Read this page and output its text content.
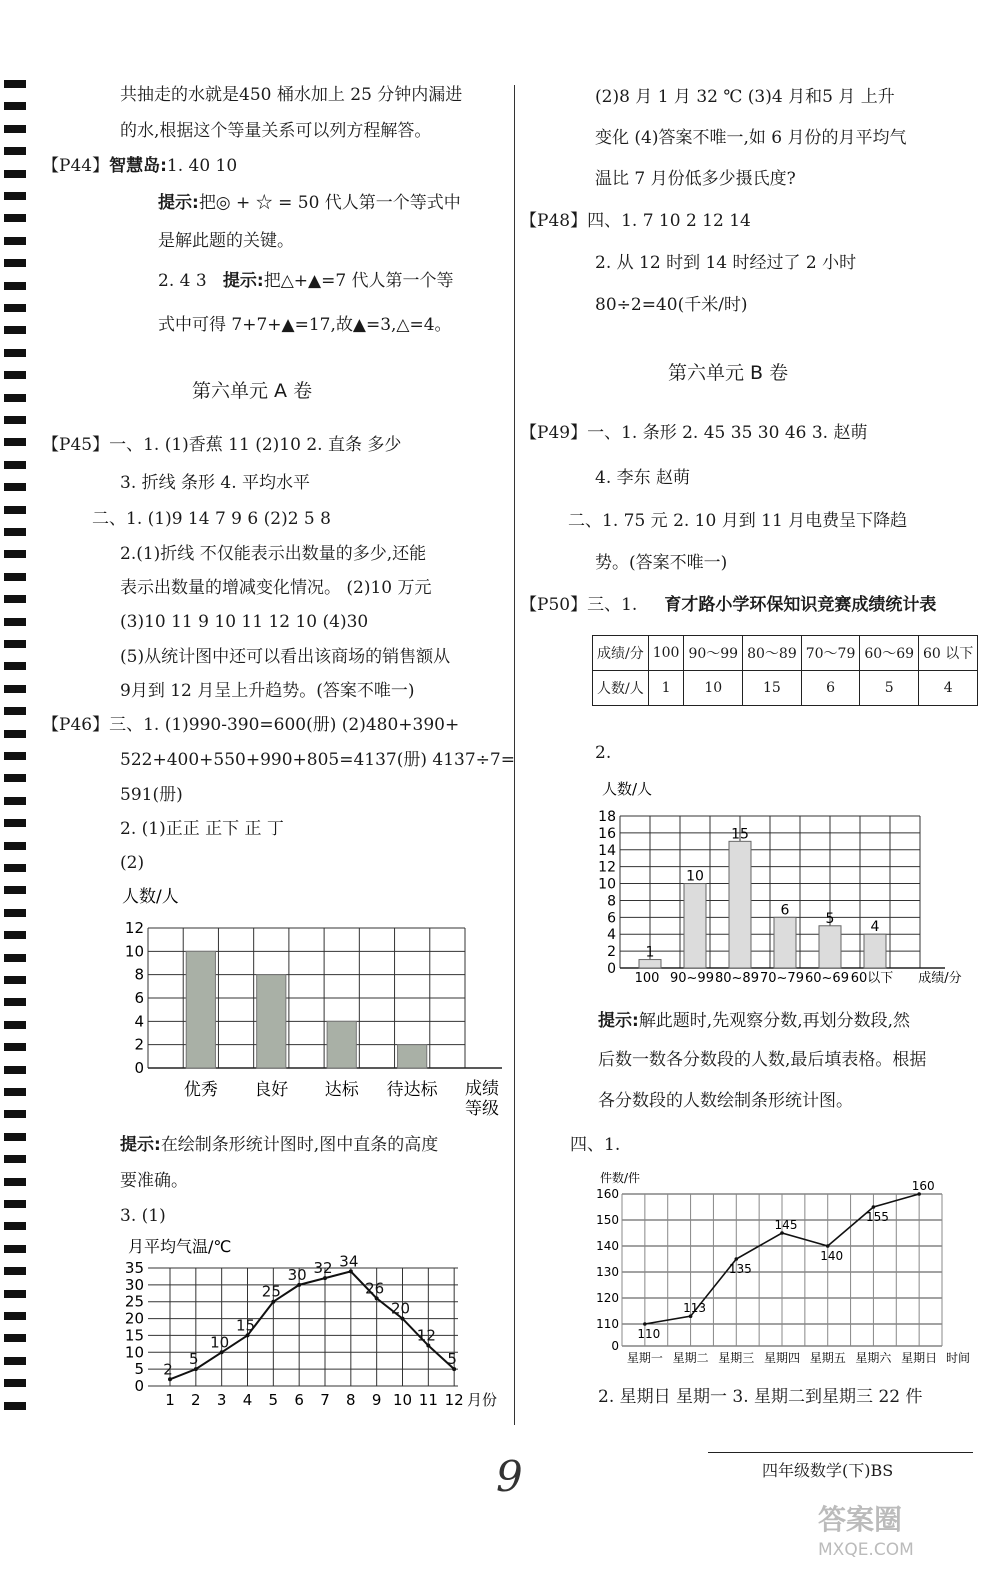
共抽走的水就是450 桶水加上 25 分钟内漏进
的水,根据这个等量关系可以列方程解答。
【P44】智慧岛:1. 40 10
提示:把◎ + ☆ = 50 代人第一个等式中
是解此题的关键。
2. 4 3 提示:把△+▲=7 代人第一个等
式中可得 7+7+▲=17,故▲=3,△=4。
第六单元 A 卷
【P45】一、1. (1)香蕉 11 (2)10 2. 直条 多少
3. 折线 条形 4. 平均水平
二、1. (1)9 14 7 9 6 (2)2 5 8
2.(1)折线 不仅能表示出数量的多少,还能
表示出数量的增减变化情况。 (2)10 万元
(3)10 11 9 10 11 12 10 (4)30
(5)从统计图中还可以看出该商场的销售额从
9月到 12 月呈上升趋势。(答案不唯一)
【P46】三、1. (1)990-390=600(册) (2)480+390+
522+400+550+990+805=4137(册) 4137÷7=
591(册)
2. (1)正正 正下 正 丁
(2)
人数/人
0
2
4
6
8
10
12
优秀 良好 达标 待达标 成绩
等级
提示:在绘制条形统计图时,图中直条的高度
要准确。
3. (1)
月平均气温/℃
0
5
10
15
20
25
30
35
1 2 3 4 5 6 7 8 9 10 11 12 月份
2
5
10
15
25
30 32 34
26
20
12
5
(2)8 月 1 月 32 ℃ (3)4 月和5 月 上升
变化 (4)答案不唯一,如 6 月份的月平均气
温比 7 月份低多少摄氏度?
【P48】四、1. 7 10 2 12 14
2. 从 12 时到 14 时经过了 2 小时
80÷2=40(千米/时)
第六单元 B 卷
【P49】一、1. 条形 2. 45 35 30 46 3. 赵萌
4. 李东 赵萌
二、1. 75 元 2. 10 月到 11 月电费呈下降趋
势。(答案不唯一)
【P50】三、1. 育才路小学环保知识竞赛成绩统计表
成绩/分	100	90～99	80～89	70～79	60～69	60 以下
人数/人	1	10	15	6	5	4
2.
人数/人
0
2
4
6
8
10
12
14
16
18
1
100
10
90~99
15
80~89
6
70~79
5
60~69
4
60以下 成绩/分
提示:解此题时,先观察分数,再划分数段,然
后数一数各分数段的人数,最后填表格。根据
各分数段的人数绘制条形统计图。
四、1.
件数/件
0
110
120
130
140
150
160
110
星期一
113
星期二
135
星期三
145
星期四
140
星期五
155
星期六
160
星期日 时间
2. 星期日 星期一 3. 星期二到星期三 22 件
四年级数学(下)BS
9
答案圈
MXQE.COM
